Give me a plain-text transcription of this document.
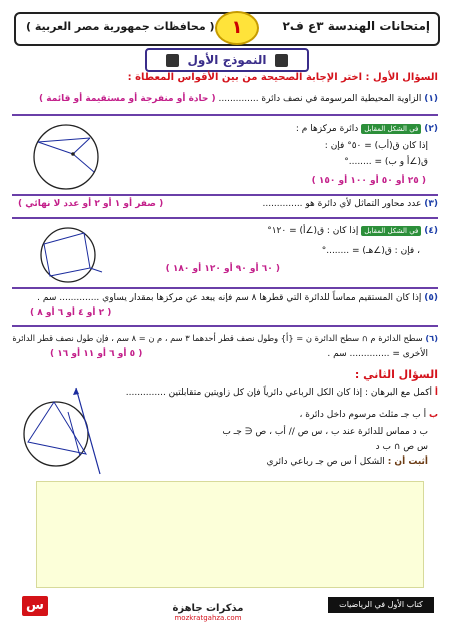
إمتحانات الهندسة ٣ع ف٢
١
( محافظات جمهورية مصر العربية )
النموذج الأول
السؤال الأول : اختر الإجابة الصحيحة من بين الأقواس المعطاة :
(١) الزاوية المحيطية المرسومة في نصف دائرة .............. ( حادة أو منفرجة أو مستقيمة أو قائمة )
(٢) في الشكل المقابل دائرة مركزها م :
إذا كان ق(أب) = ٥٠° فإن :
ق(∠أ و ب) = ........°
( ٢٥ أو ٥٠ أو ١٠٠ أو ١٥٠ )
(٣) عدد محاور التماثل لأي دائرة هو ..............
( صفر أو ١ أو ٢ أو عدد لا نهائي )
(٤) في الشكل المقابل إذا كان : ق(∠أ) = ١٢٠°
، فإن : ق(∠هـ) = ........°
( ٦٠ أو ٩٠ أو ١٢٠ أو ١٨٠ )
(٥) إذا كان المستقيم مماساً للدائرة التي قطرها ٨ سم فإنه يبعد عن مركزها بمقدار يساوي .............. سم .
( ٢ أو ٤ أو ٦ أو ٨ )
(٦) سطح الدائرة م ∩ سطح الدائرة ن = {أ} وطول نصف قطر أحدهما ٣ سم ، م ن = ٨ سم ، فإن طول نصف قطر الدائرة
الأخرى = .............. سم .
( ٥ أو ٦ أو ١١ أو ١٦ )
السؤال الثاني :
أ أكمل مع البرهان : إذا كان الكل الرباعي دائرياً فإن كل زاويتين متقابلتين ..............
ب أ ب جـ مثلث مرسوم داخل دائرة ،
ب د مماس للدائرة عند ب ، س ص // أب ، ص ∈ جـ ب
س ص ∩ ب د
أثبت أن : الشكل أ س ص جـ رباعي دائري
س	مذكرات جاهزة
mozkratgahza.com
كتاب الأول في الرياضيات
